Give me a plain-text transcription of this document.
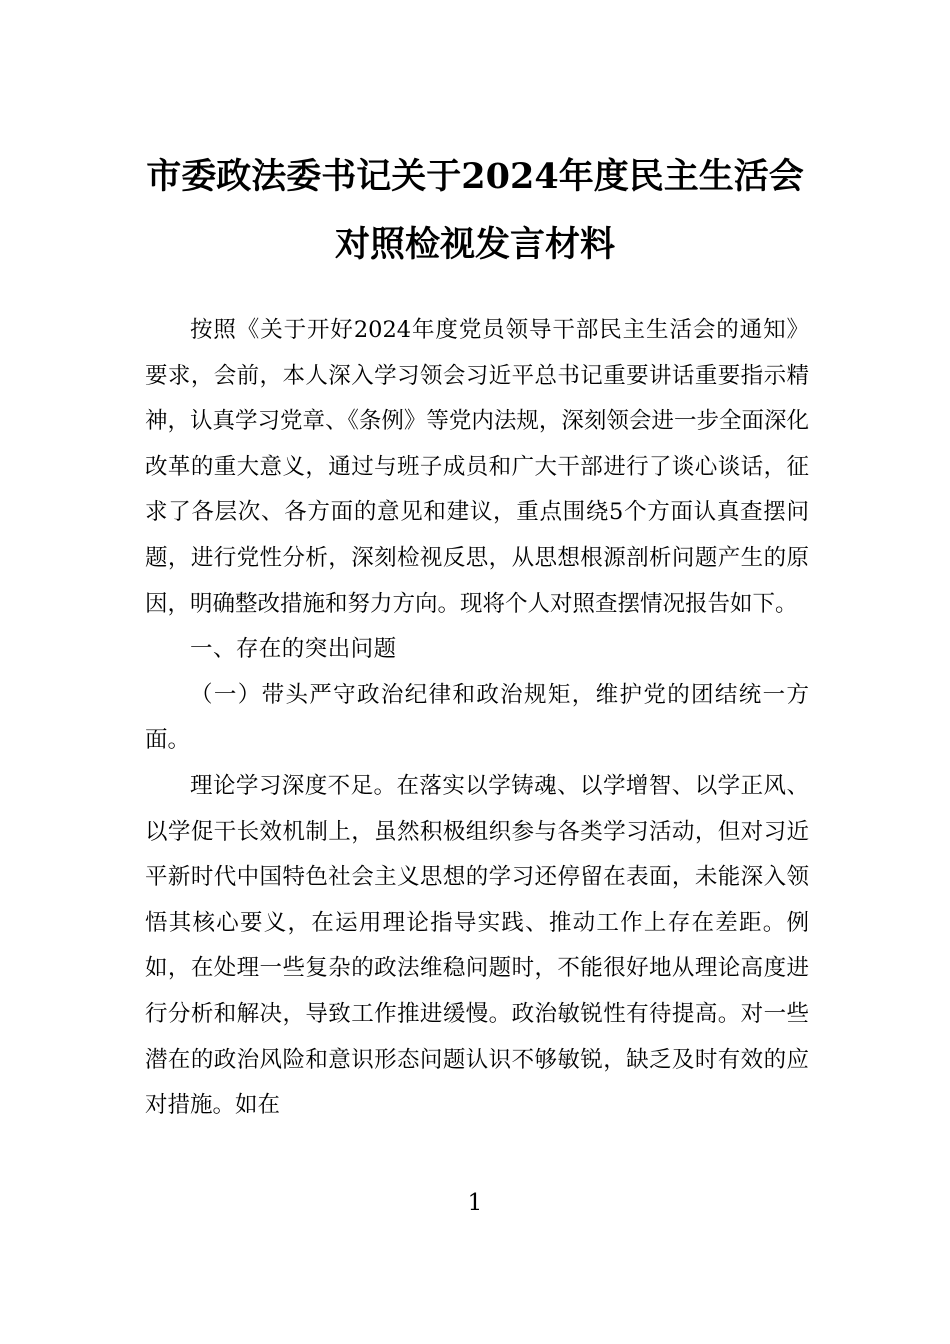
市委政法委书记关于2024年度民主生活会
对照检视发言材料

按照《关于开好2024年度党员领导干部民主生活会的通知》要求，会前，本人深入学习领会习近平总书记重要讲话重要指示精神，认真学习党章、《条例》等党内法规，深刻领会进一步全面深化改革的重大意义，通过与班子成员和广大干部进行了谈心谈话，征求了各层次、各方面的意见和建议，重点围绕5个方面认真查摆问题，进行党性分析，深刻检视反思，从思想根源剖析问题产生的原因，明确整改措施和努力方向。现将个人对照查摆情况报告如下。

一、存在的突出问题

（一）带头严守政治纪律和政治规矩，维护党的团结统一方面。

理论学习深度不足。在落实以学铸魂、以学增智、以学正风、以学促干长效机制上，虽然积极组织参与各类学习活动，但对习近平新时代中国特色社会主义思想的学习还停留在表面，未能深入领悟其核心要义，在运用理论指导实践、推动工作上存在差距。例如，在处理一些复杂的政法维稳问题时，不能很好地从理论高度进行分析和解决，导致工作推进缓慢。政治敏锐性有待提高。对一些潜在的政治风险和意识形态问题认识不够敏锐，缺乏及时有效的应对措施。如在

1
